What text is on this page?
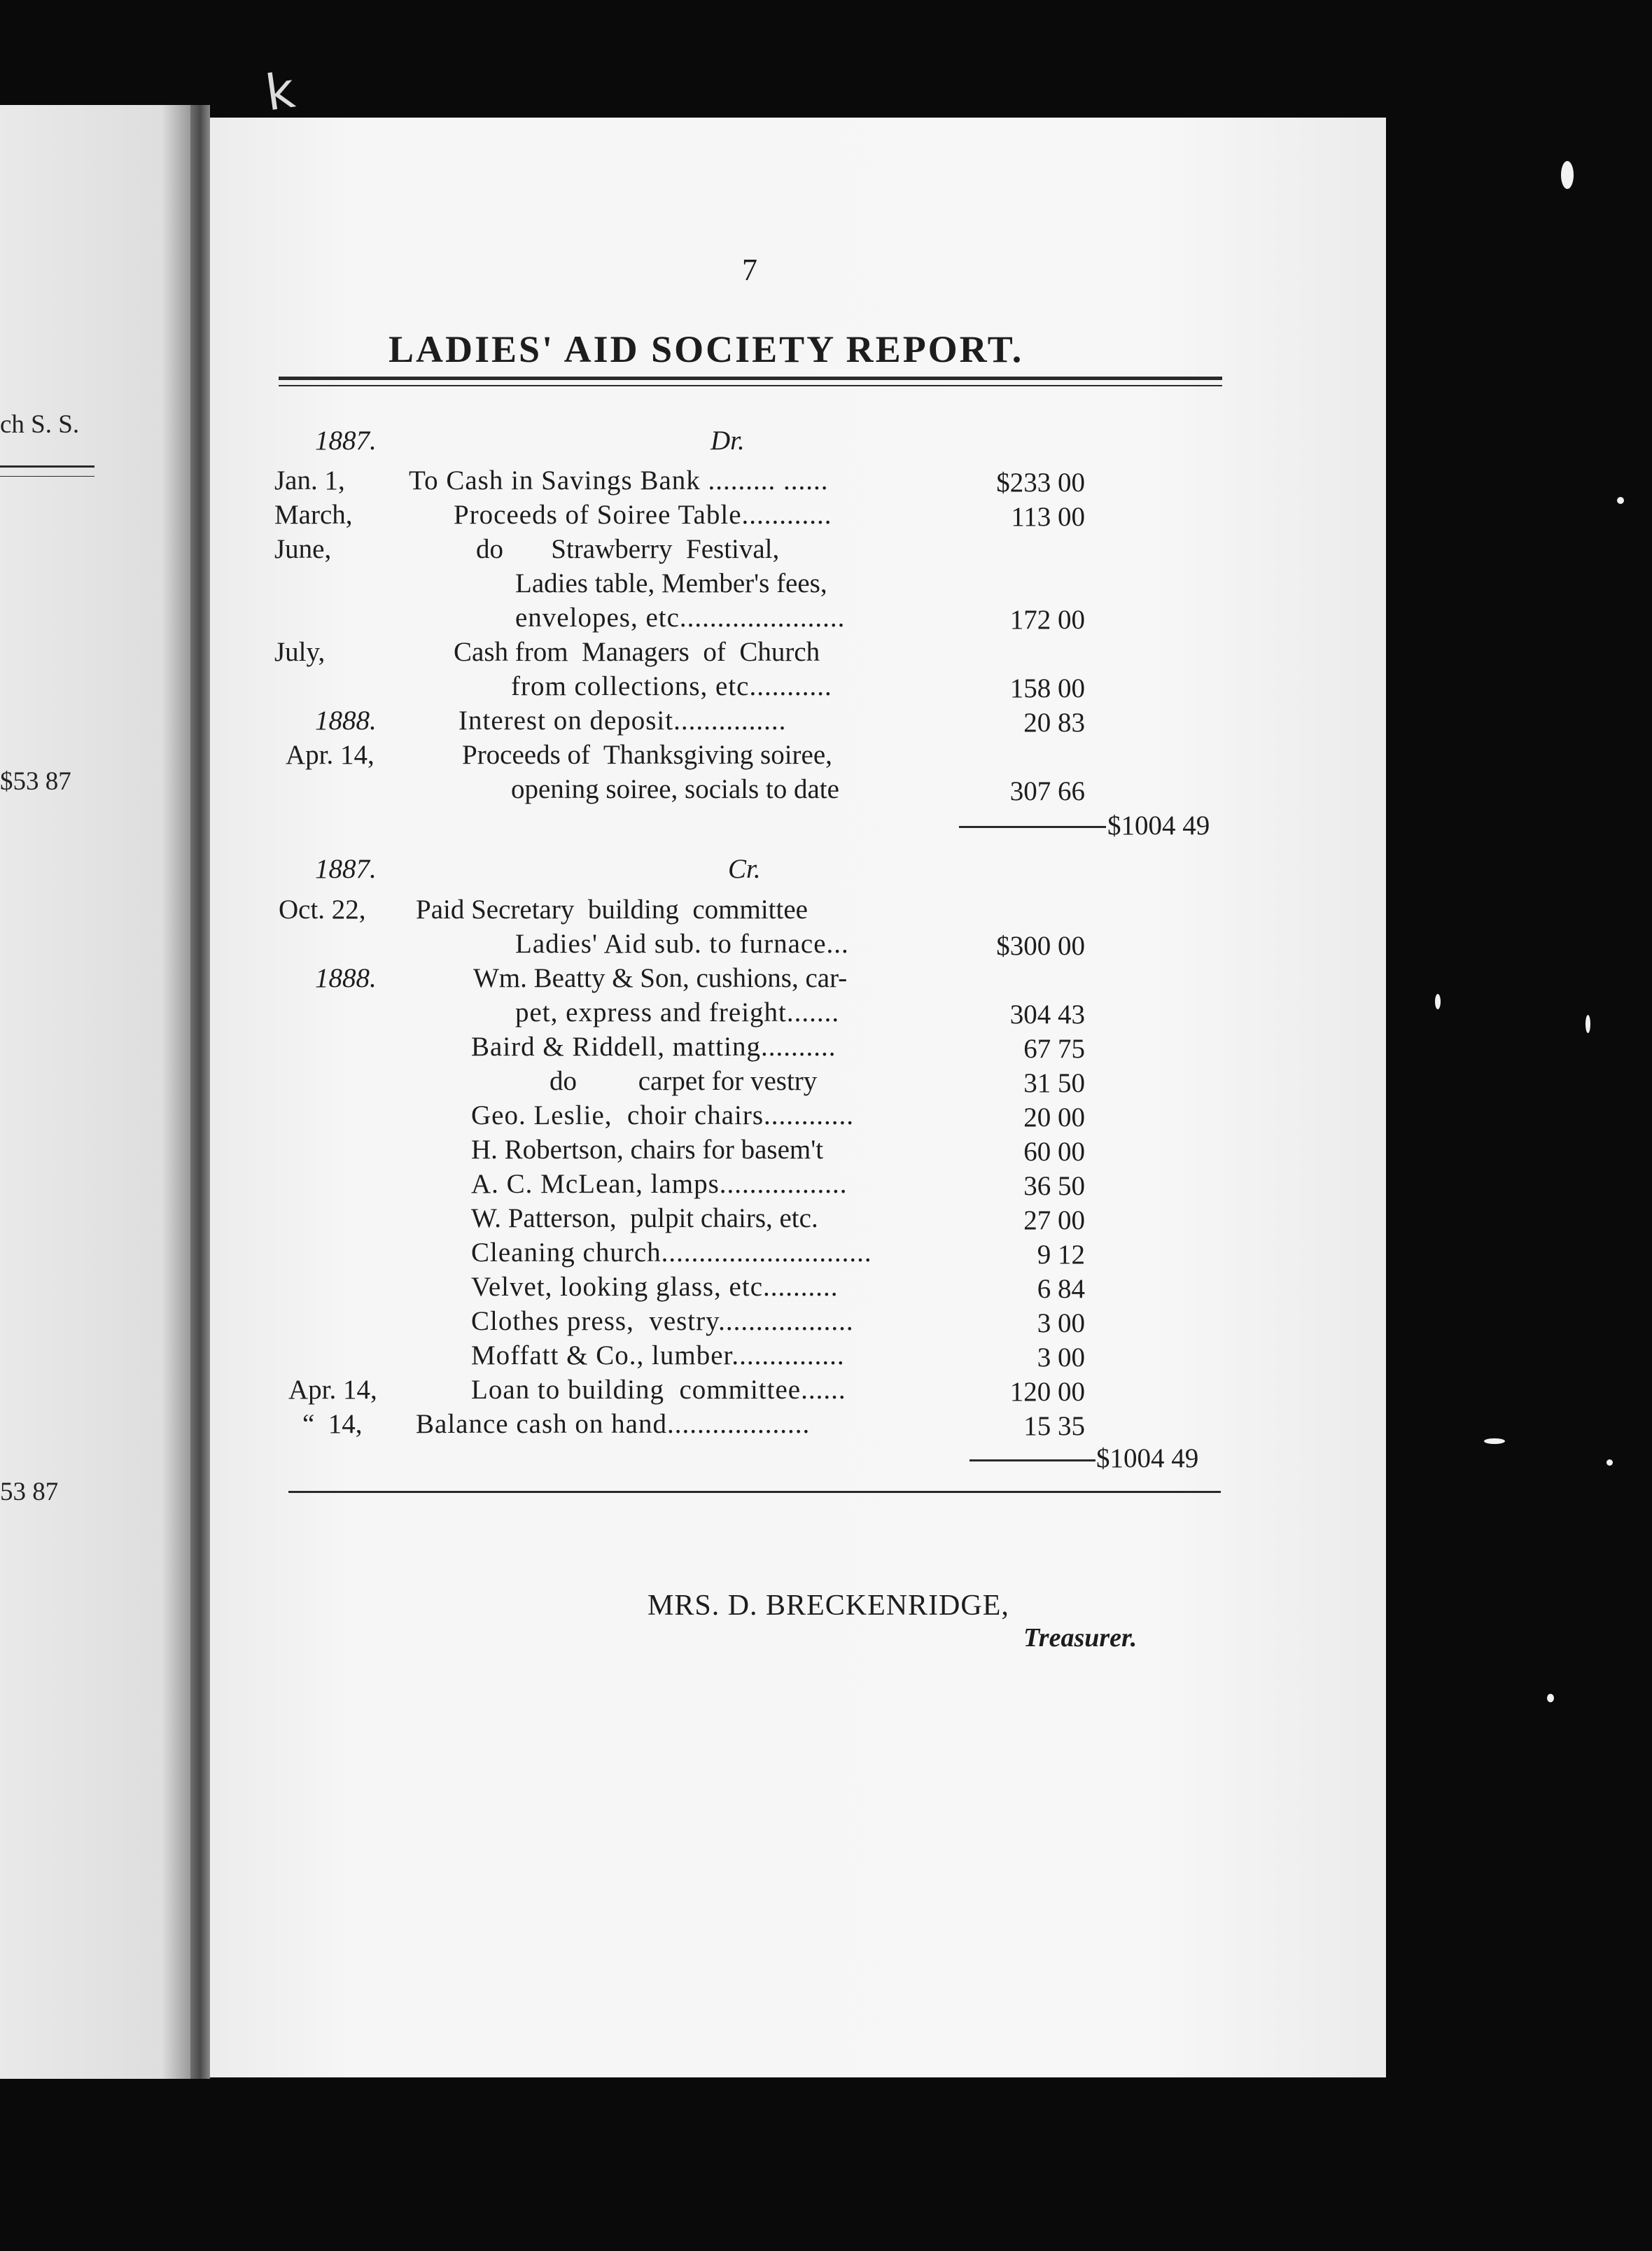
k
ch S. S.
$53 87
53 87
7
LADIES' AID SOCIETY REPORT.
1887.	Dr.
Jan. 1, To Cash in Savings Bank ......... ......	$233 00
March,	Proceeds of Soiree Table............	113 00
June,	do       Strawberry  Festival,
Ladies table, Member's fees,
envelopes, etc......................	172 00
July,	Cash from  Managers  of  Church
from collections, etc...........	158 00
1888.	Interest on deposit...............	20 83
Apr. 14,	Proceeds of  Thanksgiving soiree,
opening soiree, socials to date	307 66
$1004 49
1887.	Cr.
Oct. 22, Paid Secretary  building  committee
Ladies' Aid sub. to furnace...	$300 00
1888.	Wm. Beatty & Son, cushions, car-
pet, express and freight.......	304 43
Baird & Riddell, matting..........	67 75
do         carpet for vestry	31 50
Geo. Leslie,  choir chairs............	20 00
H. Robertson, chairs for basem't	60 00
A. C. McLean, lamps.................	36 50
W. Patterson,  pulpit chairs, etc.	27 00
Cleaning church............................	9 12
Velvet, looking glass, etc..........	6 84
Clothes press,  vestry..................	3 00
Moffatt & Co., lumber...............	3 00
Apr. 14,	Loan to building  committee......	120 00
“  14, Balance cash on hand...................	15 35
$1004 49
MRS. D. BRECKENRIDGE,
Treasurer.
